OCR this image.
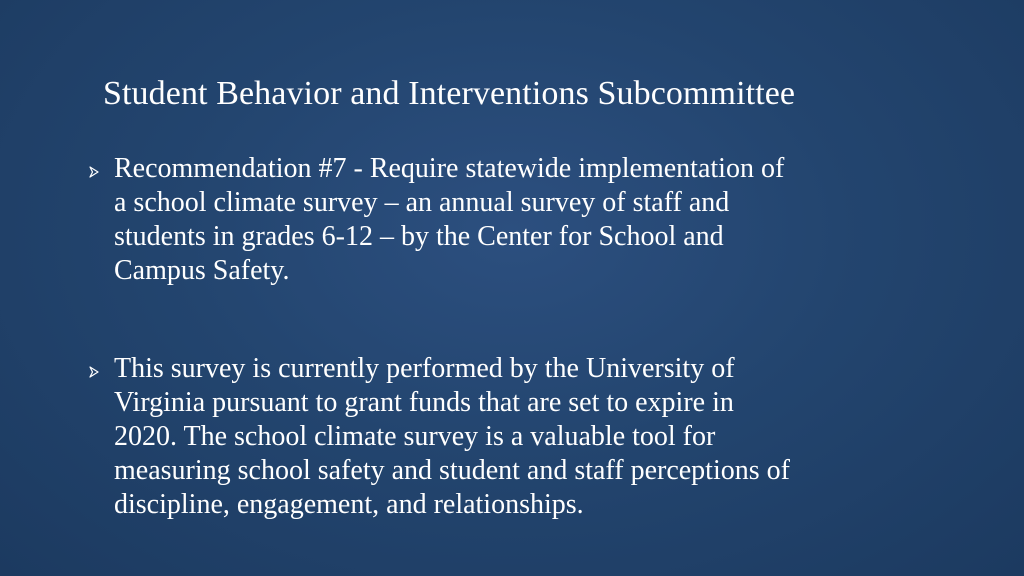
Student Behavior and Interventions Subcommittee
Recommendation #7 - Require statewide implementation of
a school climate survey – an annual survey of staff and
students in grades 6-12 – by the Center for School and
Campus Safety.
This survey is currently performed by the University of
Virginia pursuant to grant funds that are set to expire in
2020. The school climate survey is a valuable tool for
measuring school safety and student and staff perceptions of
discipline, engagement, and relationships.
